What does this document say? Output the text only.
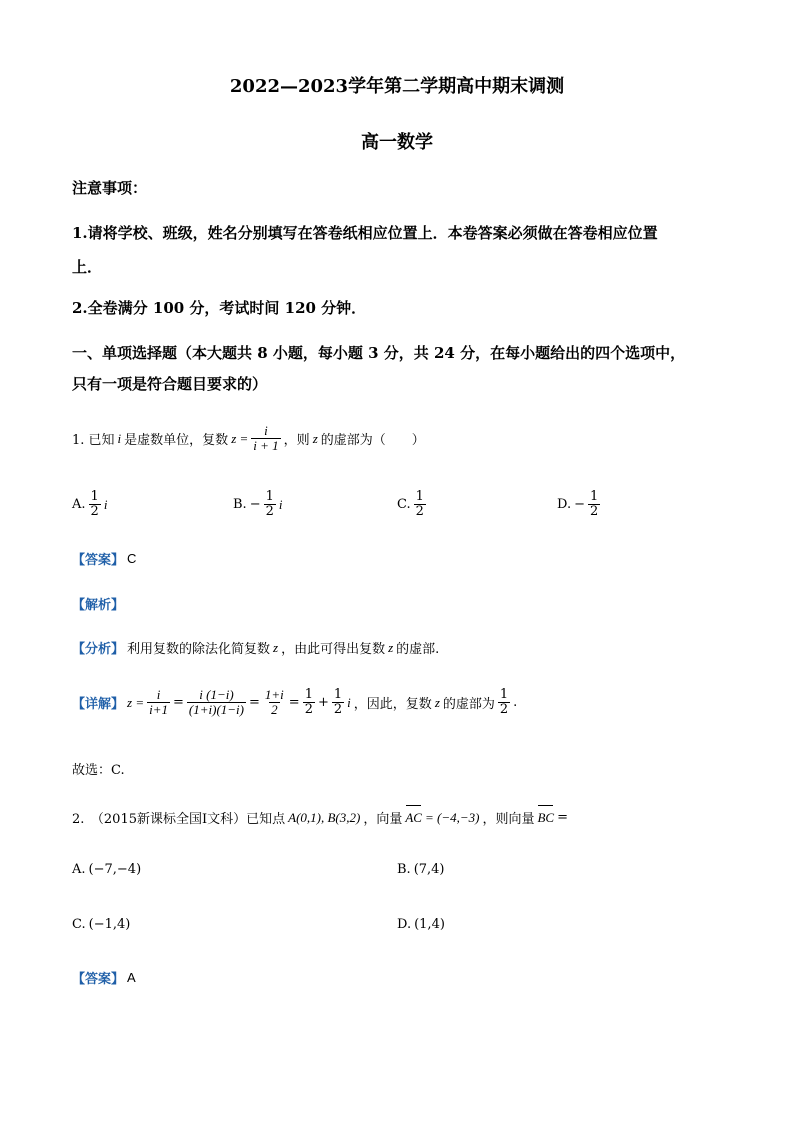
2022—2023学年第二学期高中期末调测
高一数学
注意事项：
1.请将学校、班级，姓名分别填写在答卷纸相应位置上．本卷答案必须做在答卷相应位置
上．
2.全卷满分 100 分，考试时间 120 分钟．
一、单项选择题（本大题共 8 小题，每小题 3 分，共 24 分，在每小题给出的四个选项中，
只有一项是符合题目要求的）
1. 已知 i 是虚数单位，复数 $z = \frac{i}{i + 1}$ ，则 z 的虚部为（　　）
A. $\frac{1}{2}$ i	B. − $\frac{1}{2}$ i	C. $\frac{1}{2}$	D. − $\frac{1}{2}$
【答案】 C
【解析】
【分析】 利用复数的除法化简复数 z ，由此可得出复数 z 的虚部.
【详解】 $z = \frac{i}{i+1} = \frac{i (1-i)}{(1+i)(1-i)} = \frac{1+i}{2} = \frac{1}{2} + \frac{1}{2}$ i ，因此，复数 z 的虚部为 $\frac{1}{2}$ .
故选：C.
2.　（2015新课标全国Ⅰ文科）已知点 A(0,1), B(3,2) ，向量 AC = (−4,−3) ，则向量 BC =
A. (−7,−4)	B. (7,4)
C. (−1,4)	D. (1,4)
【答案】 A
